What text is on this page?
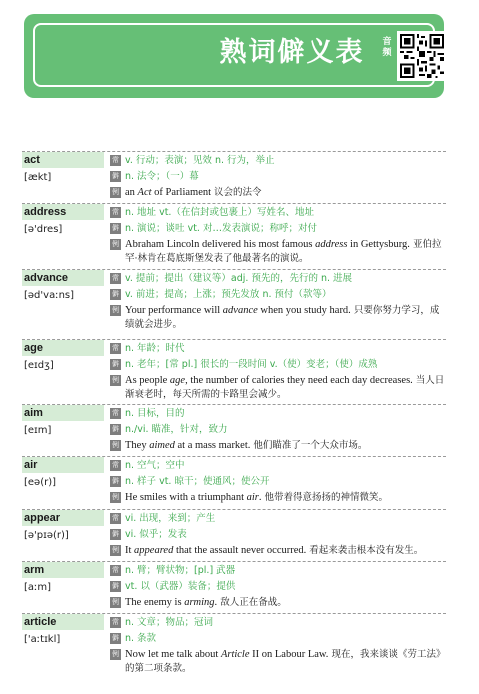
熟词僻义表	音频
act
[ækt]
常 v. 行动；表演；见效 n. 行为，举止
僻 n. 法令；（一）幕
例 an Act of Parliament 议会的法令
address
[ə'dres]
常 n. 地址 vt.（在信封或包裹上）写姓名、地址
僻 n. 演说；谈吐 vt. 对…发表演说；称呼；对付
例 Abraham Lincoln delivered his most famous address in Gettysburg. 亚伯拉罕·林肯在葛底斯堡发表了他最著名的演说。
advance
[əd'vaːns]
常 v. 提前；提出（建议等）adj. 预先的，先行的 n. 进展
僻 v. 前进；提高；上涨；预先发放 n. 预付（款等）
例 Your performance will advance when you study hard. 只要你努力学习，成绩就会进步。
age
[eɪdʒ]
常 n. 年龄；时代
僻 n. 老年；[常 pl.] 很长的一段时间 v.（使）变老；（使）成熟
例 As people age, the number of calories they need each day decreases. 当人日渐衰老时，每天所需的卡路里会减少。
aim
[eɪm]
常 n. 目标，目的
僻 n./vi. 瞄准，针对，致力
例 They aimed at a mass market. 他们瞄准了一个大众市场。
air
[eə(r)]
常 n. 空气；空中
僻 n. 样子 vt. 晾干；使通风；使公开
例 He smiles with a triumphant air. 他带着得意扬扬的神情微笑。
appear
[ə'pɪə(r)]
常 vi. 出现，来到；产生
僻 vi. 似乎；发表
例 It appeared that the assault never occurred. 看起来袭击根本没有发生。
arm
[aːm]
常 n. 臂；臂状物；[pl.] 武器
僻 vt. 以（武器）装备；提供
例 The enemy is arming. 敌人正在备战。
article
['aːtɪkl]
常 n. 文章；物品；冠词
僻 n. 条款
例 Now let me talk about Article II on Labour Law. 现在，我来谈谈《劳工法》的第二项条款。
